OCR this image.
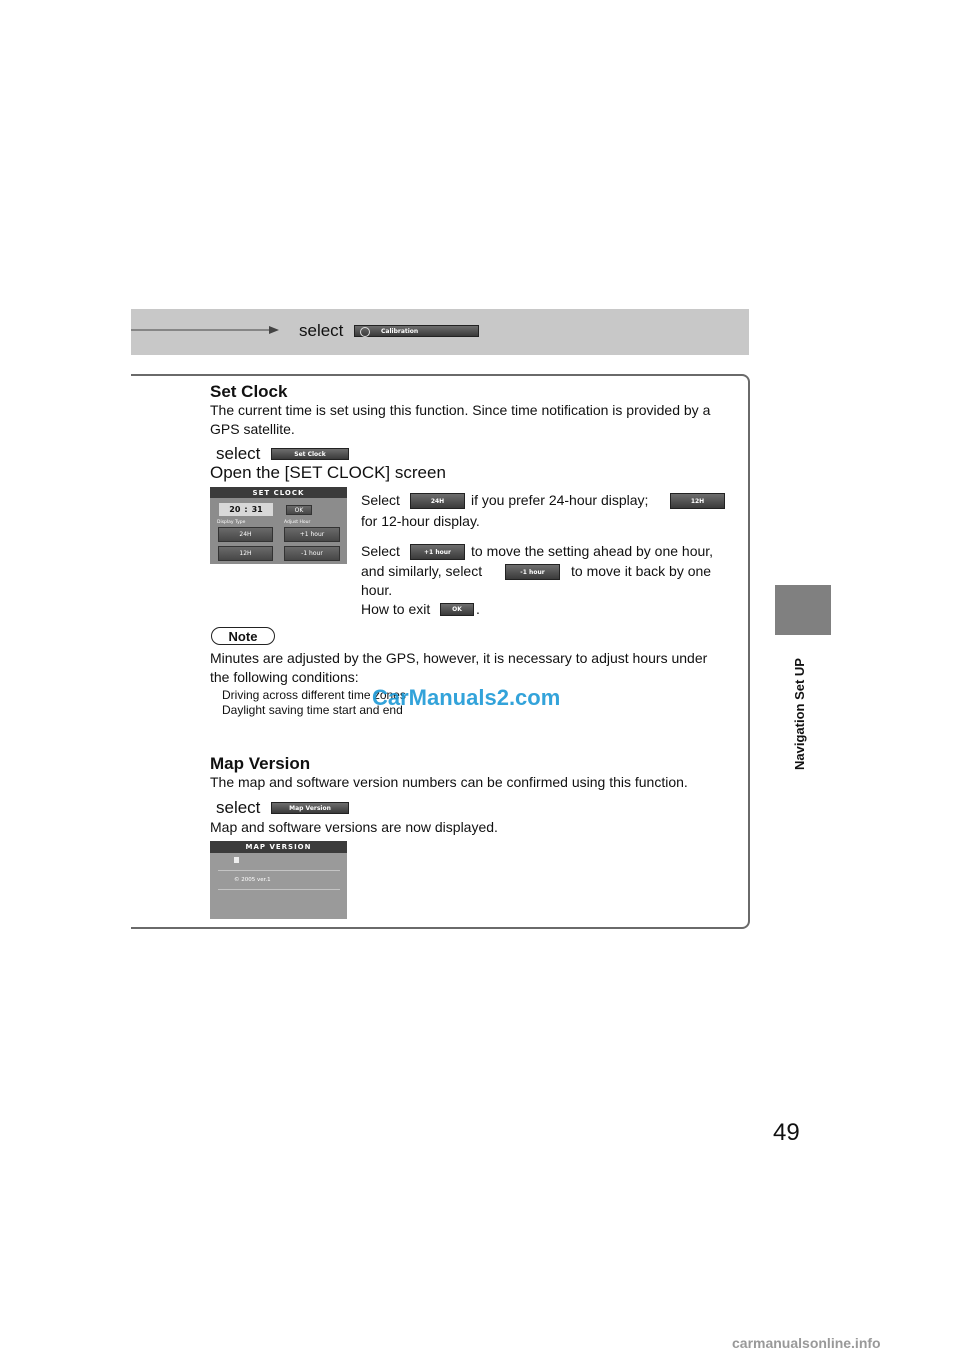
select	Calibration
Set Clock
The current time is set using this function. Since time notification is provided by a GPS satellite.
select	Set Clock
Open the [SET CLOCK] screen
SET CLOCK
20 : 31	OK
Display Type	Adjust Hour
24H	+1 hour
12H	-1 hour
Select	24H	if you prefer 24-hour display;	12H
for 12-hour display.
Select	+1 hour	to move the setting ahead by one hour,
and similarly, select	-1 hour	to move it back by one
hour.
How to exit	OK	.
Note
Minutes are adjusted by the GPS, however, it is necessary to adjust hours under the following conditions:
Driving across different time zones
Daylight saving time start and end
CarManuals2.com
Map Version
The map and software version numbers can be confirmed using this function.
select	Map Version
Map and software versions are now displayed.
MAP VERSION
© 2005 ver.1
Navigation Set UP
49
carmanualsonline.info
